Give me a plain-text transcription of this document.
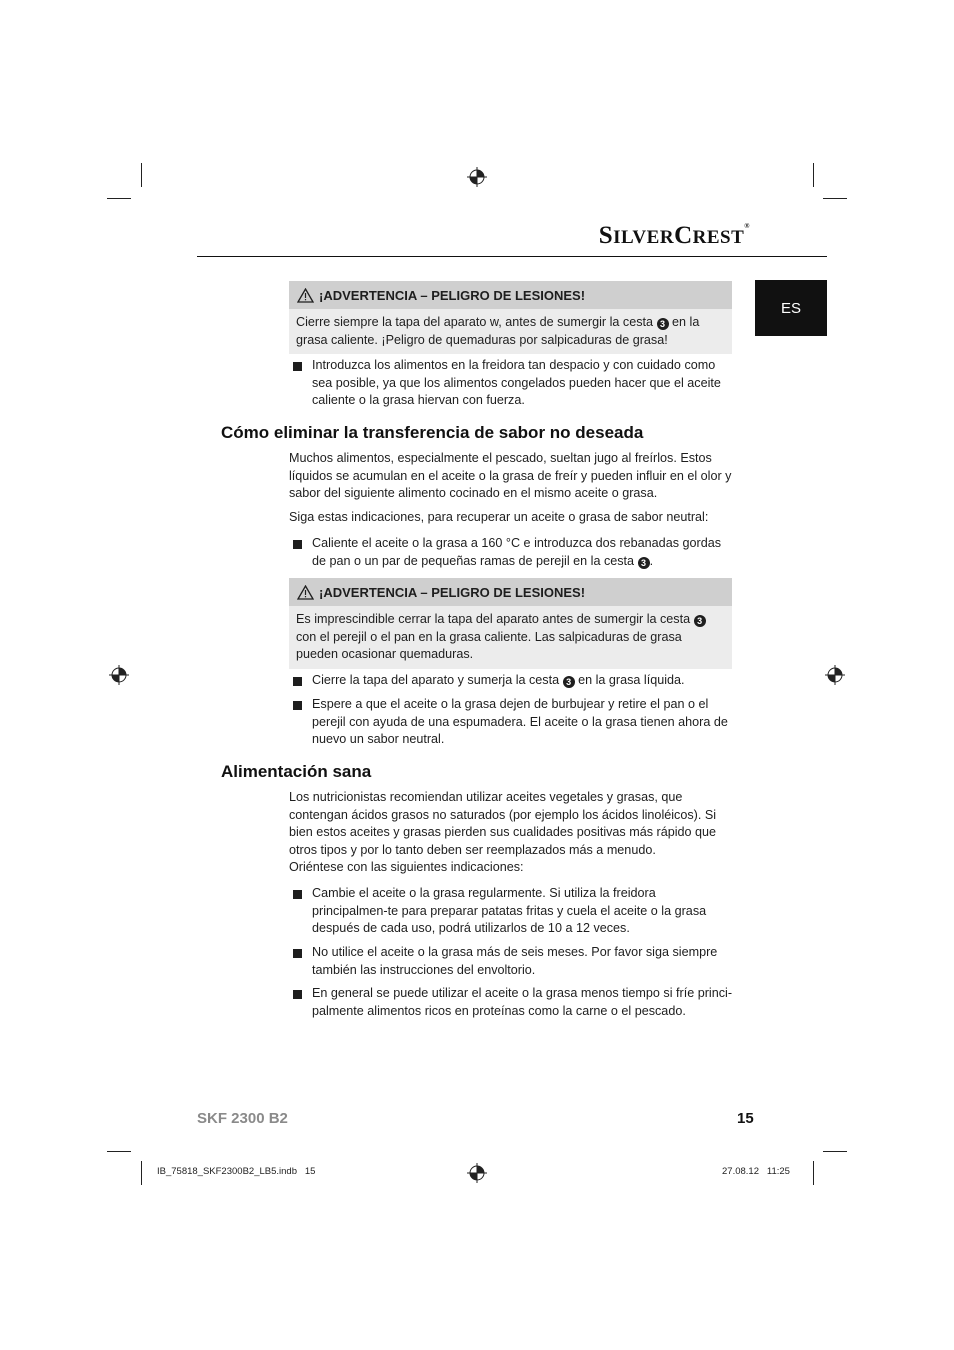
SILVERCREST®
ES
¡ADVERTENCIA – PELIGRO DE LESIONES!
Cierre siempre la tapa del aparato w, antes de sumergir la cesta 3 en la grasa caliente. ¡Peligro de quemaduras por salpicaduras de grasa!
Introduzca los alimentos en la freidora tan despacio y con cuidado como sea posible, ya que los alimentos congelados pueden hacer que el aceite caliente o la grasa hiervan con fuerza.
Cómo eliminar la transferencia de sabor no deseada
Muchos alimentos, especialmente el pescado, sueltan jugo al freírlos. Estos líquidos se acumulan en el aceite o la grasa de freír y pueden influir en el olor y sabor del siguiente alimento cocinado en el mismo aceite o grasa.
Siga estas indicaciones, para recuperar un aceite o grasa de sabor neutral:
Caliente el aceite o la grasa a 160 °C e introduzca dos rebanadas gordas de pan o un par de pequeñas ramas de perejil en la cesta 3 .
¡ADVERTENCIA – PELIGRO DE LESIONES!
Es imprescindible cerrar la tapa del aparato antes de sumergir la cesta 3 con el perejil o el pan en la grasa caliente. Las salpicaduras de grasa pueden ocasionar quemaduras.
Cierre la tapa del aparato y sumerja la cesta 3 en la grasa líquida.
Espere a que el aceite o la grasa dejen de burbujear y retire el pan o el perejil con ayuda de una espumadera. El aceite o la grasa tienen ahora de nuevo un sabor neutral.
Alimentación sana
Los nutricionistas recomiendan utilizar aceites vegetales y grasas, que contengan ácidos grasos no saturados (por ejemplo los ácidos linoléicos). Si bien estos aceites y grasas pierden sus cualidades positivas más rápido que otros tipos y por lo tanto deben ser reemplazados más a menudo.
Oriéntese con las siguientes indicaciones:
Cambie el aceite o la grasa regularmente. Si utiliza la freidora principalmen-te para preparar patatas fritas y cuela el aceite o la grasa después de cada uso, podrá utilizarlos de 10 a 12 veces.
No utilice el aceite o la grasa más de seis meses. Por favor siga siempre también las instrucciones del envoltorio.
En general se puede utilizar el aceite o la grasa menos tiempo si fríe princi-palmente alimentos ricos en proteínas como la carne o el pescado.
SKF 2300 B2	15
IB_75818_SKF2300B2_LB5.indb   15	27.08.12   11:25
